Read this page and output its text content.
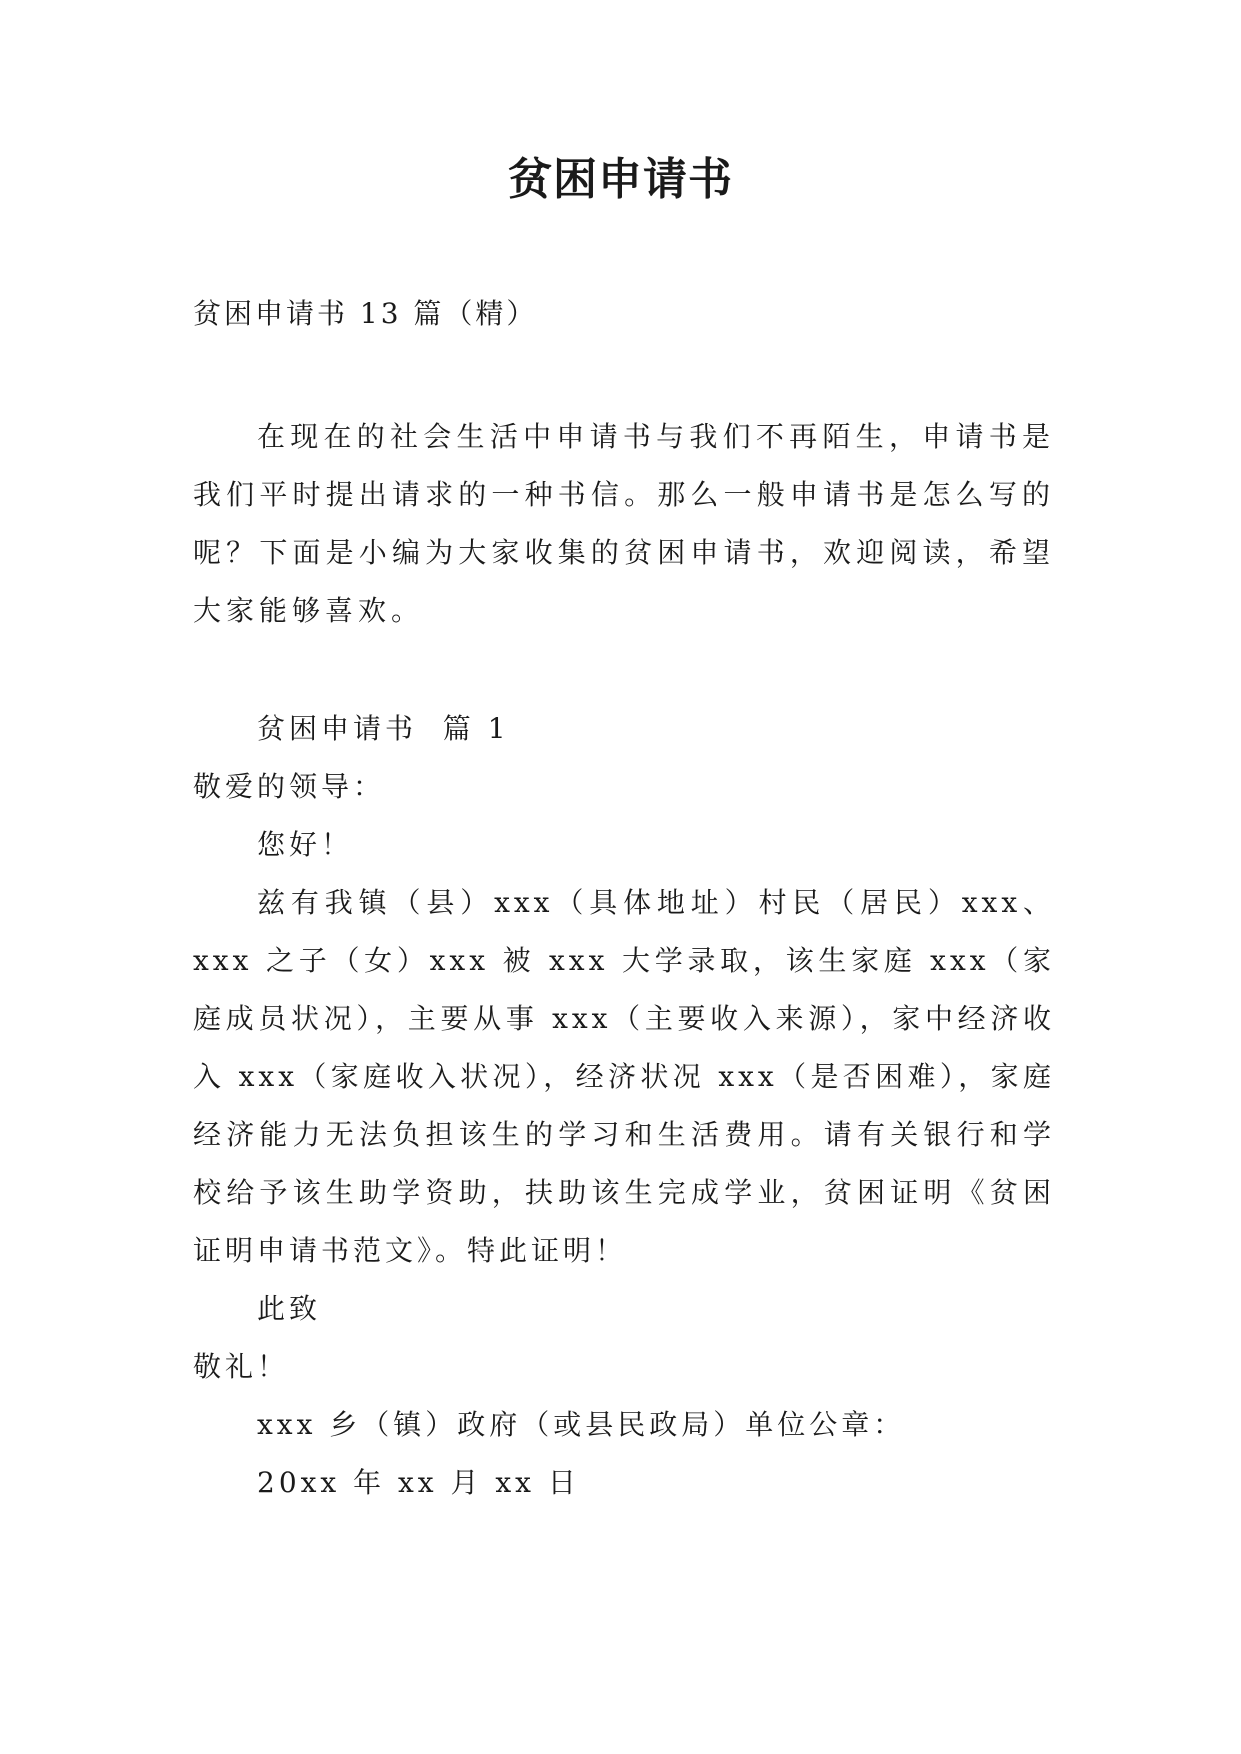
贫困申请书
贫困申请书 13 篇（精）

在现在的社会生活中申请书与我们不再陌生，申请书是我们平时提出请求的一种书信。那么一般申请书是怎么写的呢？下面是小编为大家收集的贫困申请书，欢迎阅读，希望大家能够喜欢。

贫困申请书  篇 1

敬爱的领导：

您好！

兹有我镇（县）xxx（具体地址）村民（居民）xxx、xxx 之子（女）xxx 被 xxx 大学录取，该生家庭 xxx（家庭成员状况），主要从事 xxx（主要收入来源），家中经济收入 xxx（家庭收入状况），经济状况 xxx（是否困难），家庭经济能力无法负担该生的学习和生活费用。请有关银行和学校给予该生助学资助，扶助该生完成学业，贫困证明《贫困证明申请书范文》。特此证明！

此致

敬礼！

xxx 乡（镇）政府（或县民政局）单位公章：

20xx 年 xx 月 xx 日
